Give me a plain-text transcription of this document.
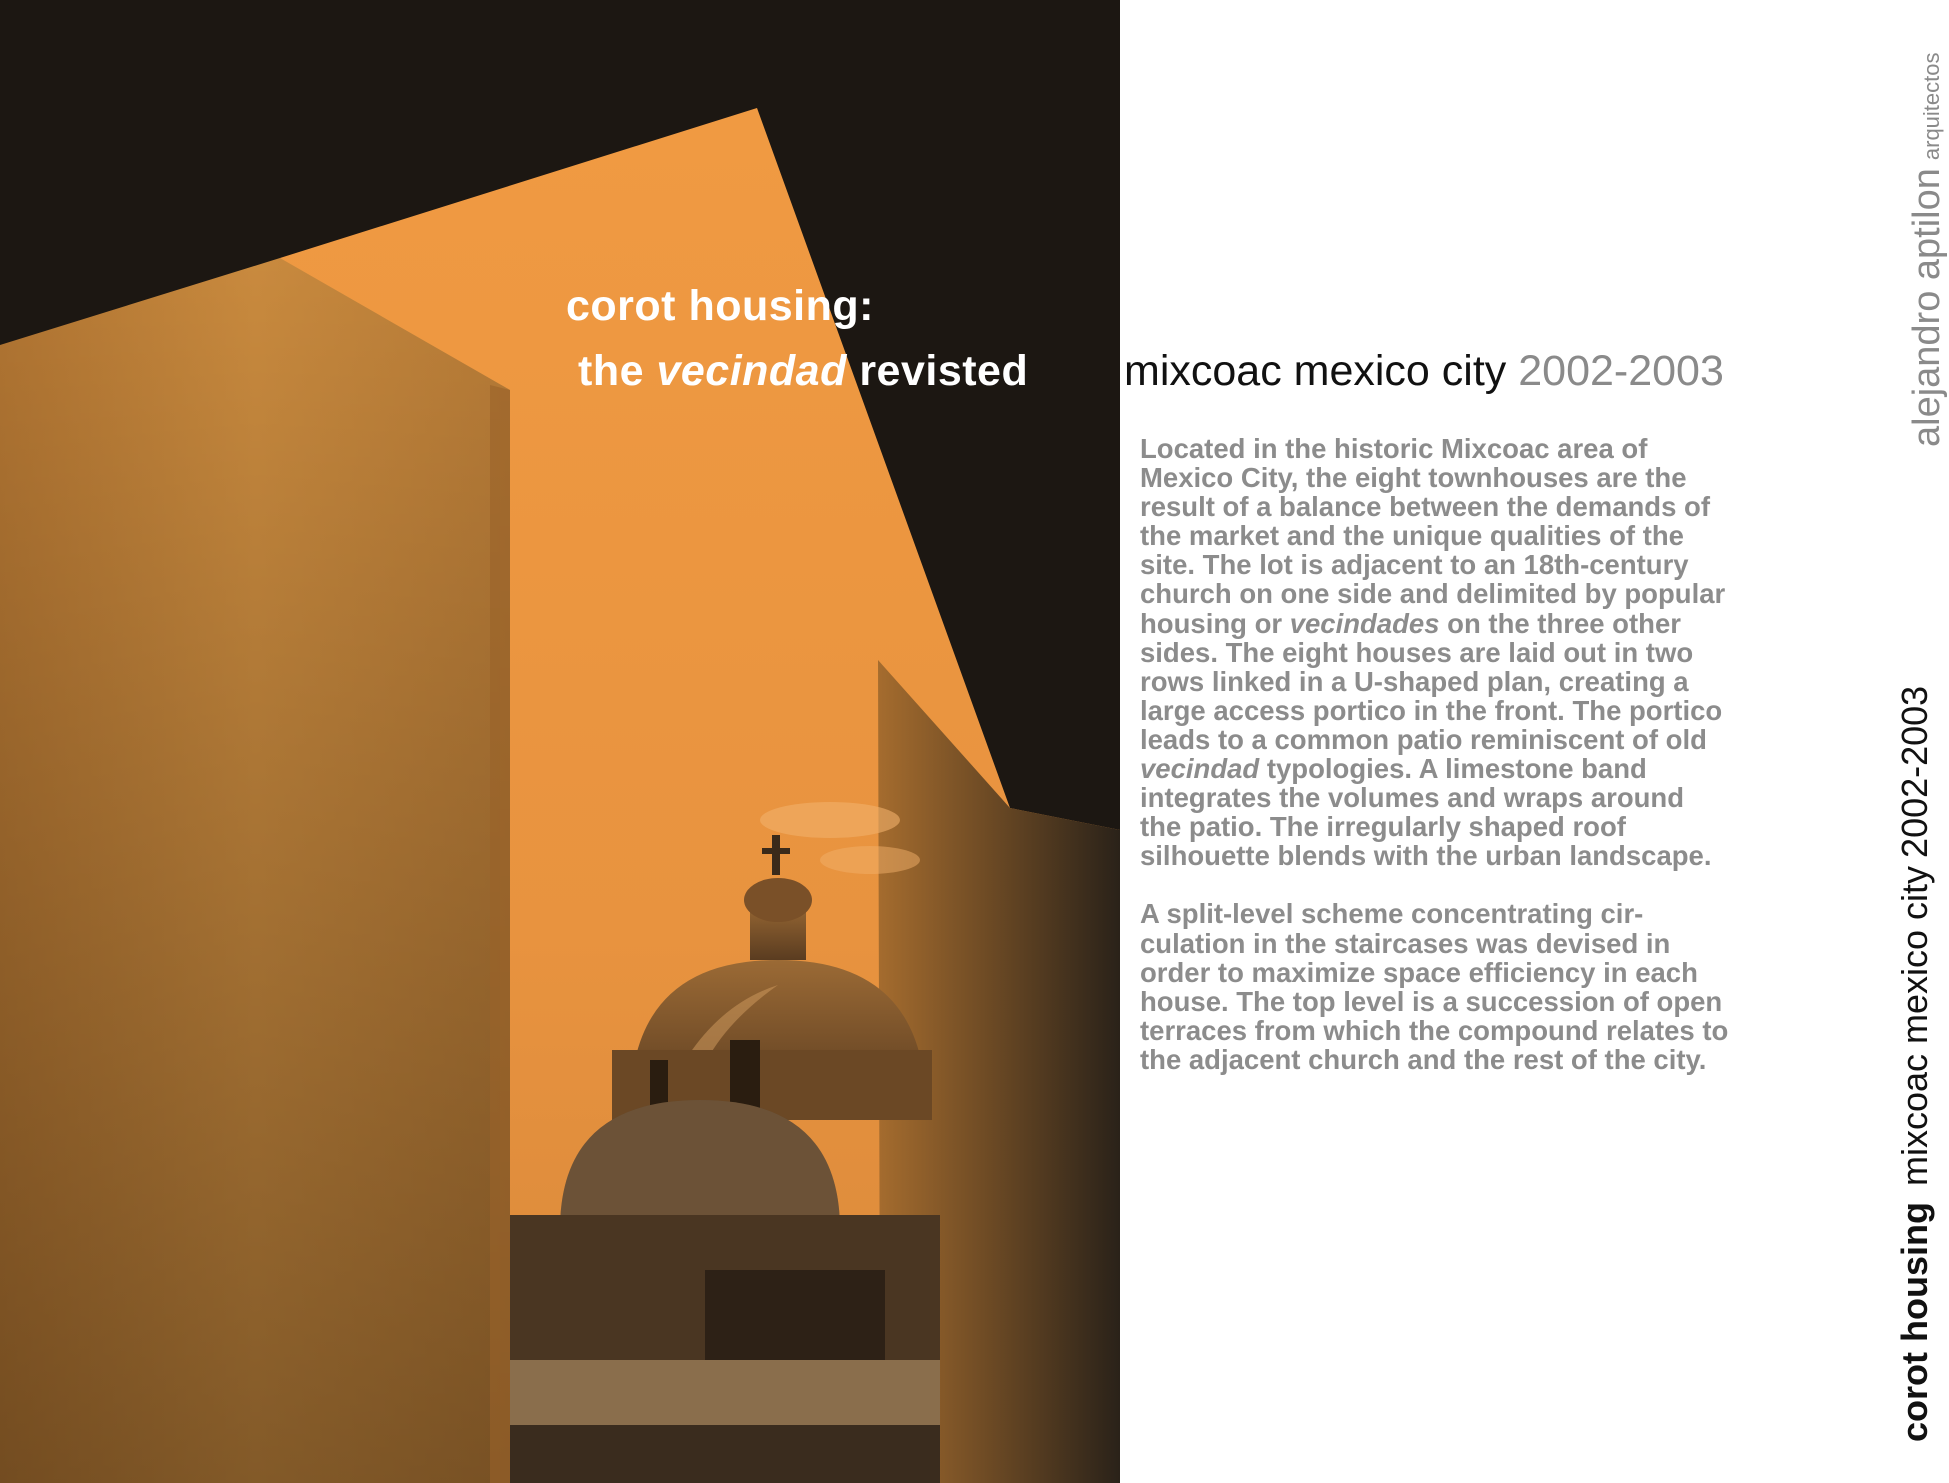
corot housing:
the vecindad revisted mixcoac mexico city 2002-2003

Located in the historic Mixcoac area of Mexico City, the eight townhouses are the result of a balance between the demands of the market and the unique qualities of the site. The lot is adjacent to an 18th-century church on one side and delimited by popular housing or vecindades on the three other sides. The eight houses are laid out in two rows linked in a U-shaped plan, creating a large access portico in the front. The portico leads to a common patio reminiscent of old vecindad typologies. A limestone band integrates the volumes and wraps around the patio. The irregularly shaped roof silhouette blends with the urban landscape.

A split-level scheme concentrating circulation in the staircases was devised in order to maximize space efficiency in each house. The top level is a succession of open terraces from which the compound relates to the adjacent church and the rest of the city.

alejandro aptilonarquitectos
corot housingmixcoac mexico city2002-2003
